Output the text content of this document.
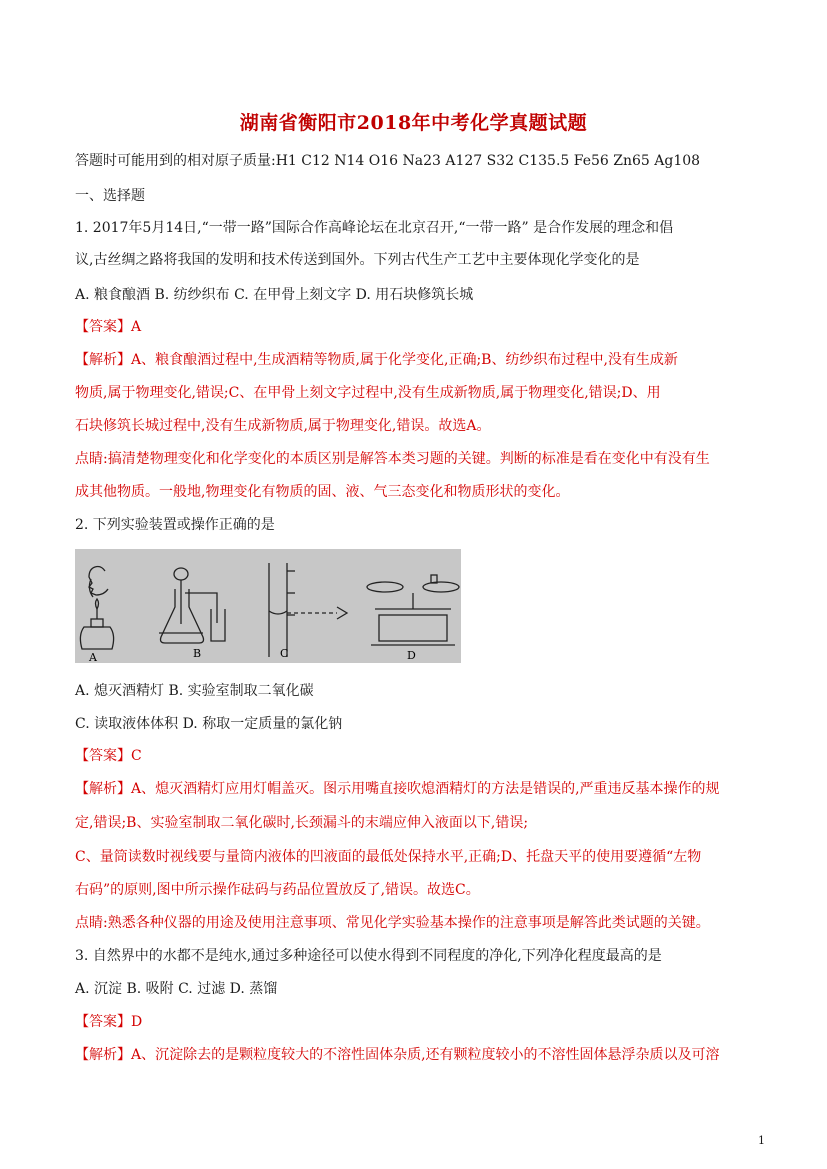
湖南省衡阳市2018年中考化学真题试题
答题时可能用到的相对原子质量:H1 C12 N14 O16 Na23 A127 S32 C135.5 Fe56 Zn65 Ag108
一、选择题
1. 2017年5月14日,“一带一路”国际合作高峰论坛在北京召开,“一带一路” 是合作发展的理念和倡
议,古丝绸之路将我国的发明和技术传送到国外。下列古代生产工艺中主要体现化学变化的是
A. 粮食酿酒 B. 纺纱织布 C. 在甲骨上刻文字 D. 用石块修筑长城
【答案】A
【解析】A、粮食酿酒过程中,生成酒精等物质,属于化学变化,正确;B、纺纱织布过程中,没有生成新
物质,属于物理变化,错误;C、在甲骨上刻文字过程中,没有生成新物质,属于物理变化,错误;D、用
石块修筑长城过程中,没有生成新物质,属于物理变化,错误。故选A。
点睛:搞清楚物理变化和化学变化的本质区别是解答本类习题的关键。判断的标准是看在变化中有没有生
成其他物质。一般地,物理变化有物质的固、液、气三态变化和物质形状的变化。
2. 下列实验装置或操作正确的是
A	B	C	D
A. 熄灭酒精灯 B. 实验室制取二氧化碳
C. 读取液体体积 D. 称取一定质量的氯化钠
【答案】C
【解析】A、熄灭酒精灯应用灯帽盖灭。图示用嘴直接吹熄酒精灯的方法是错误的,严重违反基本操作的规
定,错误;B、实验室制取二氧化碳时,长颈漏斗的末端应伸入液面以下,错误;
C、量筒读数时视线要与量筒内液体的凹液面的最低处保持水平,正确;D、托盘天平的使用要遵循“左物
右码”的原则,图中所示操作砝码与药品位置放反了,错误。故选C。
点睛:熟悉各种仪器的用途及使用注意事项、常见化学实验基本操作的注意事项是解答此类试题的关键。
3. 自然界中的水都不是纯水,通过多种途径可以使水得到不同程度的净化,下列净化程度最高的是
A. 沉淀 B. 吸附 C. 过滤 D. 蒸馏
【答案】D
【解析】A、沉淀除去的是颗粒度较大的不溶性固体杂质,还有颗粒度较小的不溶性固体悬浮杂质以及可溶
1
